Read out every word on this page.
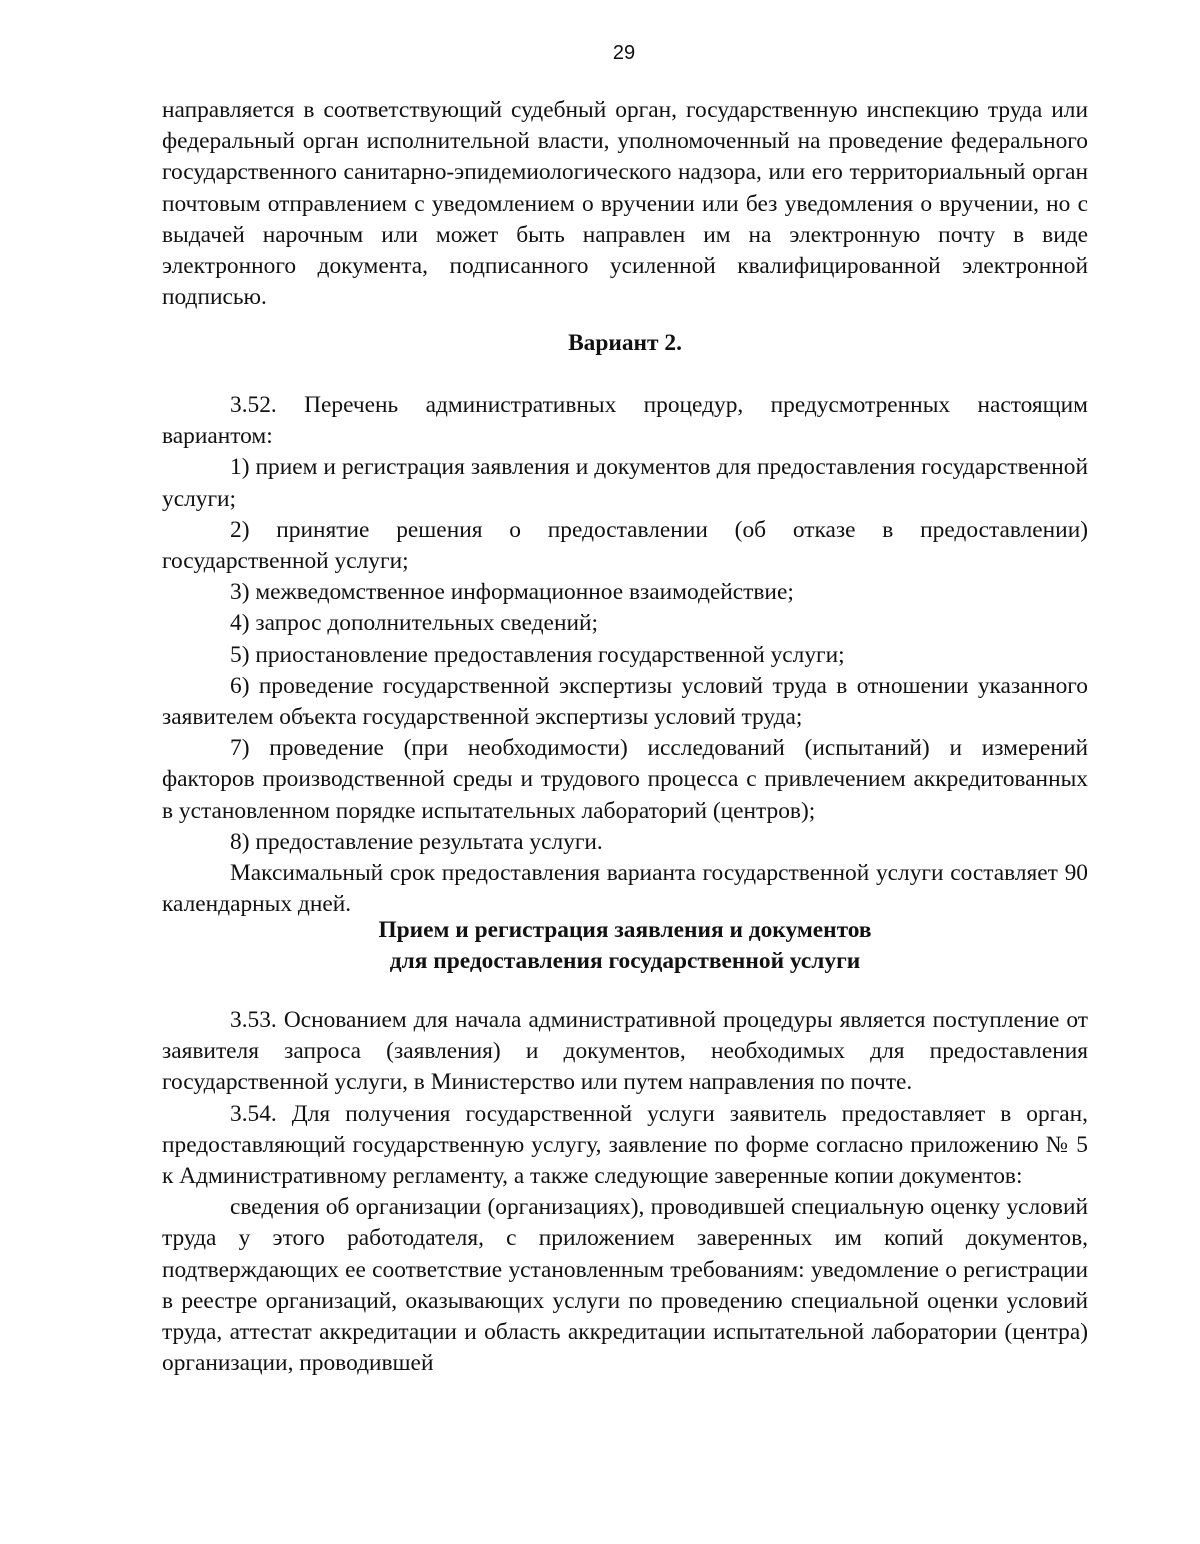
29

направляется в соответствующий судебный орган, государственную инспекцию труда или федеральный орган исполнительной власти, уполномоченный на проведение федерального государственного санитарно-эпидемиологического надзора, или его территориальный орган почтовым отправлением с уведомлением о вручении или без уведомления о вручении, но с выдачей нарочным или может быть направлен им на электронную почту в виде электронного документа, подписанного усиленной квалифицированной электронной подписью.

Вариант 2.

3.52. Перечень административных процедур, предусмотренных настоящим вариантом:

1) прием и регистрация заявления и документов для предоставления государственной услуги;

2) принятие решения о предоставлении (об отказе в предоставлении) государственной услуги;

3) межведомственное информационное взаимодействие;

4) запрос дополнительных сведений;

5) приостановление предоставления государственной услуги;

6) проведение государственной экспертизы условий труда в отношении указанного заявителем объекта государственной экспертизы условий труда;

7) проведение (при необходимости) исследований (испытаний) и измерений факторов производственной среды и трудового процесса с привлечением аккредитованных в установленном порядке испытательных лабораторий (центров);

8) предоставление результата услуги.

Максимальный срок предоставления варианта государственной услуги составляет 90 календарных дней.

Прием и регистрация заявления и документов

для предоставления государственной услуги

3.53. Основанием для начала административной процедуры является поступление от заявителя запроса (заявления) и документов, необходимых для предоставления государственной услуги, в Министерство или путем направления по почте.

3.54. Для получения государственной услуги заявитель предоставляет в орган, предоставляющий государственную услугу, заявление по форме согласно приложению № 5 к Административному регламенту, а также следующие заверенные копии документов:

сведения об организации (организациях), проводившей специальную оценку условий труда у этого работодателя, с приложением заверенных им копий документов, подтверждающих ее соответствие установленным требованиям: уведомление о регистрации в реестре организаций, оказывающих услуги по проведению специальной оценки условий труда, аттестат аккредитации и область аккредитации испытательной лаборатории (центра) организации, проводившей
